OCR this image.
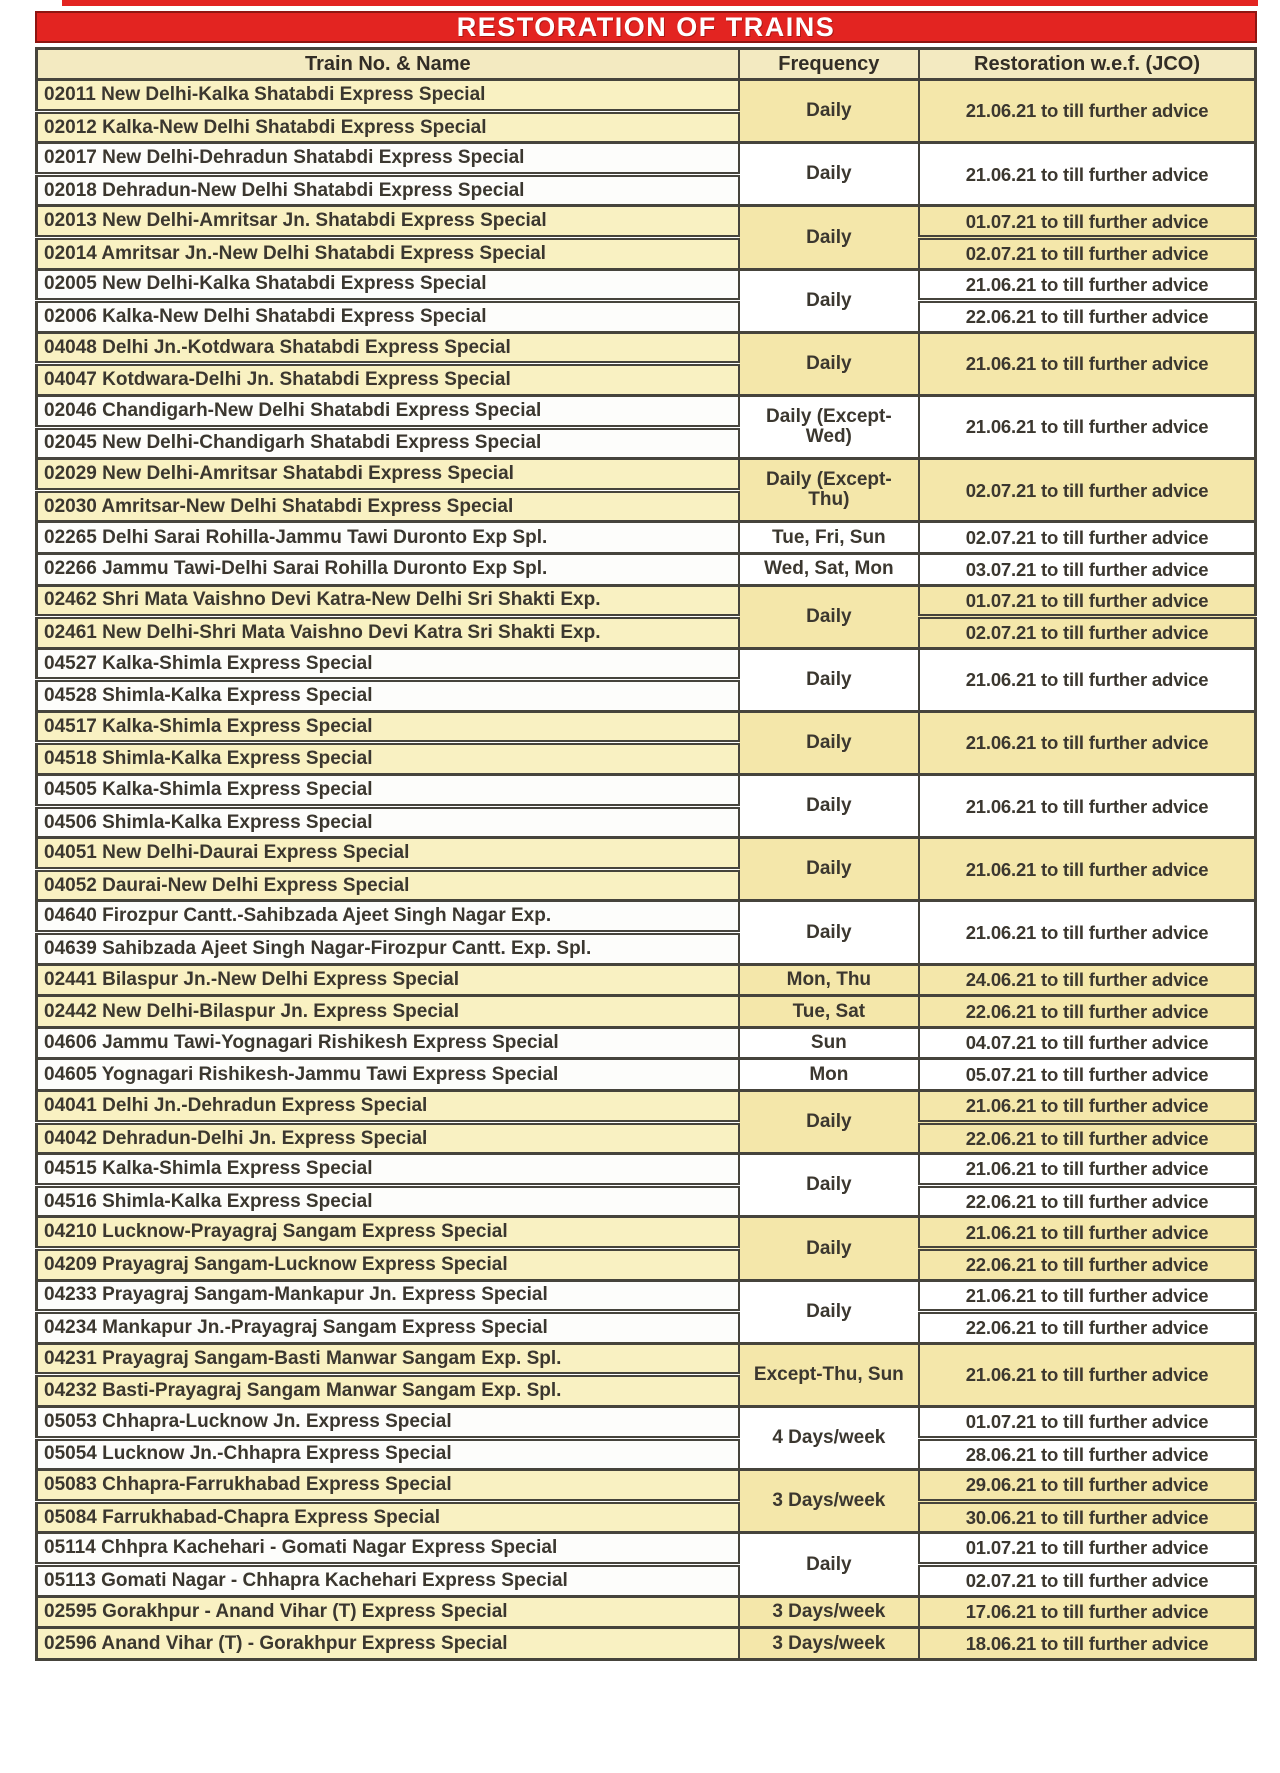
RESTORATION OF TRAINS
Train No. & Name	Frequency	Restoration w.e.f. (JCO)
02011 New Delhi-Kalka Shatabdi Express Special	Daily	21.06.21 to till further advice
02012 Kalka-New Delhi Shatabdi Express Special		
02017 New Delhi-Dehradun Shatabdi Express Special	Daily	21.06.21 to till further advice
02018 Dehradun-New Delhi Shatabdi Express Special		
02013 New Delhi-Amritsar Jn. Shatabdi Express Special	Daily	01.07.21 to till further advice
02014 Amritsar Jn.-New Delhi Shatabdi Express Special		02.07.21 to till further advice
02005 New Delhi-Kalka Shatabdi Express Special	Daily	21.06.21 to till further advice
02006 Kalka-New Delhi Shatabdi Express Special		22.06.21 to till further advice
04048 Delhi Jn.-Kotdwara Shatabdi Express Special	Daily	21.06.21 to till further advice
04047 Kotdwara-Delhi Jn. Shatabdi Express Special		
02046 Chandigarh-New Delhi Shatabdi Express Special	Daily (Except-Wed)	21.06.21 to till further advice
02045 New Delhi-Chandigarh Shatabdi Express Special		
02029 New Delhi-Amritsar Shatabdi Express Special	Daily (Except-Thu)	02.07.21 to till further advice
02030 Amritsar-New Delhi Shatabdi Express Special		
02265 Delhi Sarai Rohilla-Jammu Tawi Duronto Exp Spl.	Tue, Fri, Sun	02.07.21 to till further advice
02266 Jammu Tawi-Delhi Sarai Rohilla Duronto Exp Spl.	Wed, Sat, Mon	03.07.21 to till further advice
02462 Shri Mata Vaishno Devi Katra-New Delhi Sri Shakti Exp.	Daily	01.07.21 to till further advice
02461 New Delhi-Shri Mata Vaishno Devi Katra Sri Shakti Exp.		02.07.21 to till further advice
04527 Kalka-Shimla Express Special	Daily	21.06.21 to till further advice
04528 Shimla-Kalka Express Special		
04517 Kalka-Shimla Express Special	Daily	21.06.21 to till further advice
04518 Shimla-Kalka Express Special		
04505 Kalka-Shimla Express Special	Daily	21.06.21 to till further advice
04506 Shimla-Kalka Express Special		
04051 New Delhi-Daurai Express Special	Daily	21.06.21 to till further advice
04052 Daurai-New Delhi Express Special		
04640 Firozpur Cantt.-Sahibzada Ajeet Singh Nagar Exp.	Daily	21.06.21 to till further advice
04639 Sahibzada Ajeet Singh Nagar-Firozpur Cantt. Exp. Spl.		
02441 Bilaspur Jn.-New Delhi Express Special	Mon, Thu	24.06.21 to till further advice
02442 New Delhi-Bilaspur Jn. Express Special	Tue, Sat	22.06.21 to till further advice
04606 Jammu Tawi-Yognagari Rishikesh Express Special	Sun	04.07.21 to till further advice
04605 Yognagari Rishikesh-Jammu Tawi Express Special	Mon	05.07.21 to till further advice
04041 Delhi Jn.-Dehradun Express Special	Daily	21.06.21 to till further advice
04042 Dehradun-Delhi Jn. Express Special		22.06.21 to till further advice
04515 Kalka-Shimla Express Special	Daily	21.06.21 to till further advice
04516 Shimla-Kalka Express Special		22.06.21 to till further advice
04210 Lucknow-Prayagraj Sangam Express Special	Daily	21.06.21 to till further advice
04209 Prayagraj Sangam-Lucknow Express Special		22.06.21 to till further advice
04233 Prayagraj Sangam-Mankapur Jn. Express Special	Daily	21.06.21 to till further advice
04234 Mankapur Jn.-Prayagraj Sangam Express Special		22.06.21 to till further advice
04231 Prayagraj Sangam-Basti Manwar Sangam Exp. Spl.	Except-Thu, Sun	21.06.21 to till further advice
04232 Basti-Prayagraj Sangam Manwar Sangam Exp. Spl.		
05053 Chhapra-Lucknow Jn. Express Special	4 Days/week	01.07.21 to till further advice
05054 Lucknow Jn.-Chhapra Express Special		28.06.21 to till further advice
05083 Chhapra-Farrukhabad Express Special	3 Days/week	29.06.21 to till further advice
05084 Farrukhabad-Chapra Express Special		30.06.21 to till further advice
05114 Chhpra Kachehari - Gomati Nagar Express Special	Daily	01.07.21 to till further advice
05113 Gomati Nagar - Chhapra Kachehari Express Special		02.07.21 to till further advice
02595 Gorakhpur - Anand Vihar (T) Express Special	3 Days/week	17.06.21 to till further advice
02596 Anand Vihar (T) - Gorakhpur Express Special	3 Days/week	18.06.21 to till further advice
